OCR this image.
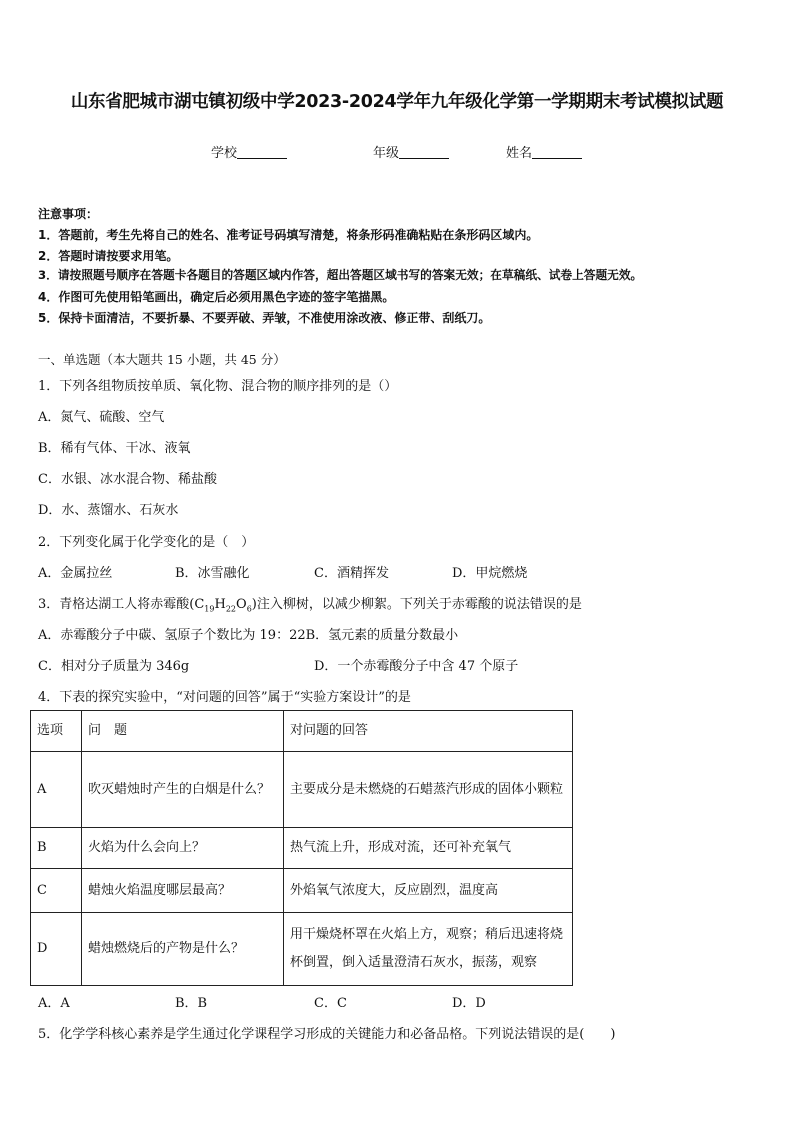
山东省肥城市湖屯镇初级中学2023-2024学年九年级化学第一学期期末考试模拟试题
学校	年级	姓名
注意事项：
1．答题前，考生先将自己的姓名、准考证号码填写清楚，将条形码准确粘贴在条形码区域内。
2．答题时请按要求用笔。
3．请按照题号顺序在答题卡各题目的答题区域内作答，超出答题区域书写的答案无效；在草稿纸、试卷上答题无效。
4．作图可先使用铅笔画出，确定后必须用黑色字迹的签字笔描黑。
5．保持卡面清洁，不要折暴、不要弄破、弄皱，不准使用涂改液、修正带、刮纸刀。
一、单选题（本大题共 15 小题，共 45 分）
1．下列各组物质按单质、氧化物、混合物的顺序排列的是（）
A．氮气、硫酸、空气
B．稀有气体、干冰、液氧
C．水银、冰水混合物、稀盐酸
D．水、蒸馏水、石灰水
2．下列变化属于化学变化的是（　）
A．金属拉丝	B．冰雪融化	C．酒精挥发	D．甲烷燃烧
3．青格达湖工人将赤霉酸$(C_{19}H_{22}O_6)$注入柳树，以减少柳絮。下列关于赤霉酸的说法错误的是
A．赤霉酸分子中碳、氢原子个数比为 19：22B．氢元素的质量分数最小
C．相对分子质量为 346g	D．一个赤霉酸分子中含 47 个原子
4．下表的探究实验中，“对问题的回答”属于“实验方案设计”的是
选项	问　题	对问题的回答
A	吹灭蜡烛时产生的白烟是什么？	主要成分是未燃烧的石蜡蒸汽形成的固体小颗粒
B	火焰为什么会向上？	热气流上升，形成对流，还可补充氧气
C	蜡烛火焰温度哪层最高？	外焰氧气浓度大，反应剧烈，温度高
D	蜡烛燃烧后的产物是什么？	用干燥烧杯罩在火焰上方，观察；稍后迅速将烧杯倒置，倒入适量澄清石灰水，振荡，观察
A．A	B．B	C．C	D．D
5．化学学科核心素养是学生通过化学课程学习形成的关键能力和必备品格。下列说法错误的是(　　)
